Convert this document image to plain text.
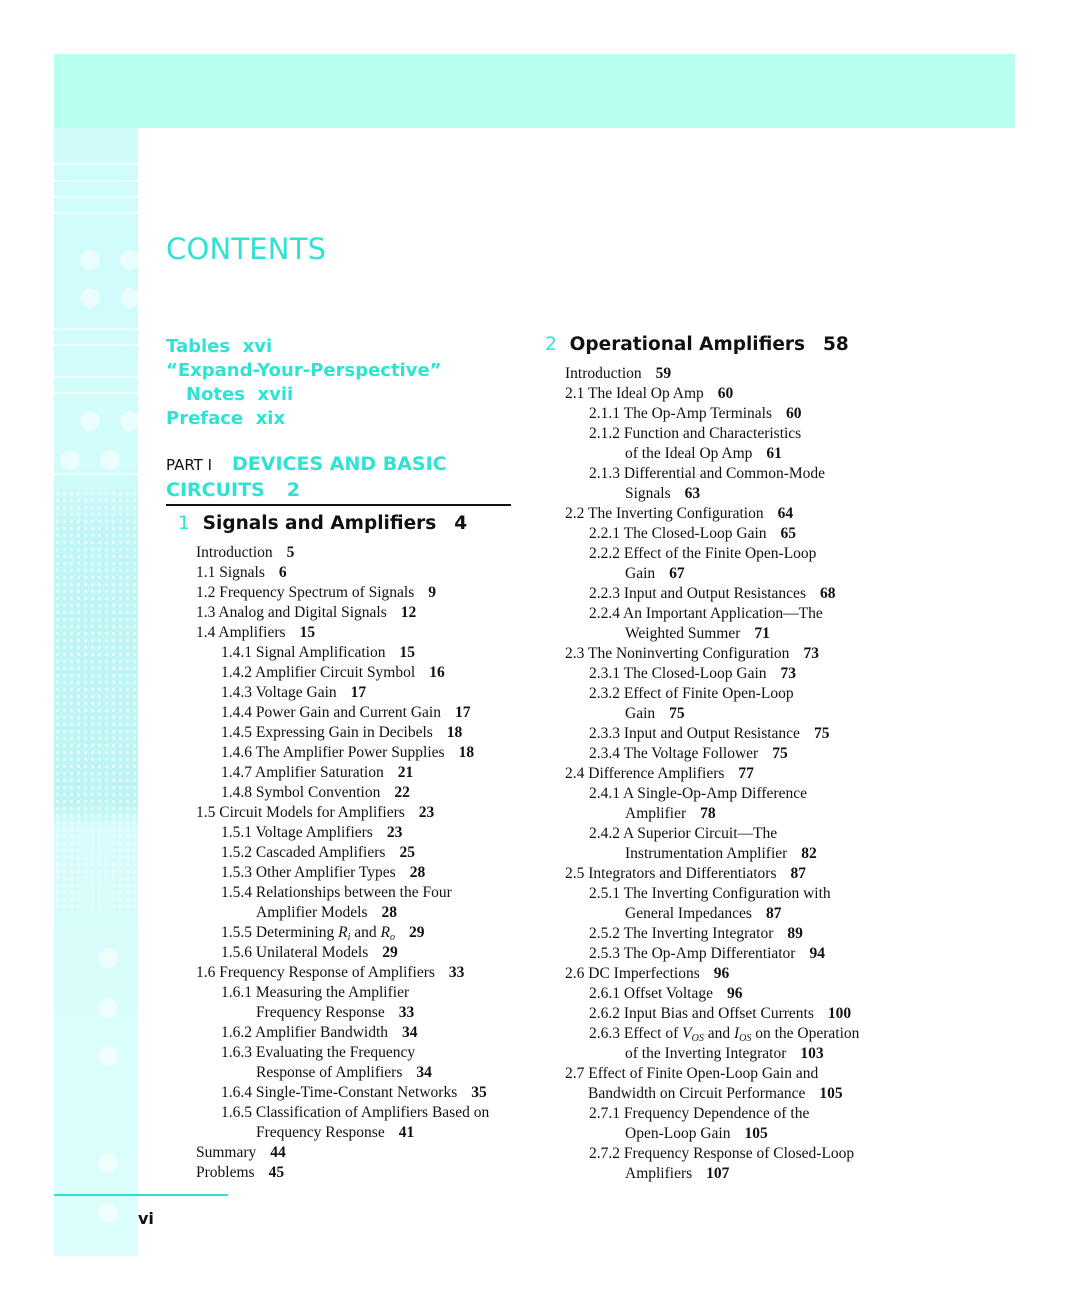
CONTENTS
Tables xvi
“Expand-Your-Perspective”
Notes xvii
Preface xix
PART I DEVICES AND BASIC
CIRCUITS 2
1 Signals and Amplifiers 4
Introduction 5
1.1 Signals 6
1.2 Frequency Spectrum of Signals 9
1.3 Analog and Digital Signals 12
1.4 Amplifiers 15
1.4.1 Signal Amplification 15
1.4.2 Amplifier Circuit Symbol 16
1.4.3 Voltage Gain 17
1.4.4 Power Gain and Current Gain 17
1.4.5 Expressing Gain in Decibels 18
1.4.6 The Amplifier Power Supplies 18
1.4.7 Amplifier Saturation 21
1.4.8 Symbol Convention 22
1.5 Circuit Models for Amplifiers 23
1.5.1 Voltage Amplifiers 23
1.5.2 Cascaded Amplifiers 25
1.5.3 Other Amplifier Types 28
1.5.4 Relationships between the Four
Amplifier Models 28
1.5.5 Determining $R_i$ and $R_o$ 29
1.5.6 Unilateral Models 29
1.6 Frequency Response of Amplifiers 33
1.6.1 Measuring the Amplifier
Frequency Response 33
1.6.2 Amplifier Bandwidth 34
1.6.3 Evaluating the Frequency
Response of Amplifiers 34
1.6.4 Single-Time-Constant Networks 35
1.6.5 Classification of Amplifiers Based on
Frequency Response 41
Summary 44
Problems 45
2 Operational Amplifiers 58
Introduction 59
2.1 The Ideal Op Amp 60
2.1.1 The Op-Amp Terminals 60
2.1.2 Function and Characteristics
of the Ideal Op Amp 61
2.1.3 Differential and Common-Mode
Signals 63
2.2 The Inverting Configuration 64
2.2.1 The Closed-Loop Gain 65
2.2.2 Effect of the Finite Open-Loop
Gain 67
2.2.3 Input and Output Resistances 68
2.2.4 An Important Application—The
Weighted Summer 71
2.3 The Noninverting Configuration 73
2.3.1 The Closed-Loop Gain 73
2.3.2 Effect of Finite Open-Loop
Gain 75
2.3.3 Input and Output Resistance 75
2.3.4 The Voltage Follower 75
2.4 Difference Amplifiers 77
2.4.1 A Single-Op-Amp Difference
Amplifier 78
2.4.2 A Superior Circuit—The
Instrumentation Amplifier 82
2.5 Integrators and Differentiators 87
2.5.1 The Inverting Configuration with
General Impedances 87
2.5.2 The Inverting Integrator 89
2.5.3 The Op-Amp Differentiator 94
2.6 DC Imperfections 96
2.6.1 Offset Voltage 96
2.6.2 Input Bias and Offset Currents 100
2.6.3 Effect of $V_{OS}$ and $I_{OS}$ on the Operation
of the Inverting Integrator 103
2.7 Effect of Finite Open-Loop Gain and
Bandwidth on Circuit Performance 105
2.7.1 Frequency Dependence of the
Open-Loop Gain 105
2.7.2 Frequency Response of Closed-Loop
Amplifiers 107
vi
